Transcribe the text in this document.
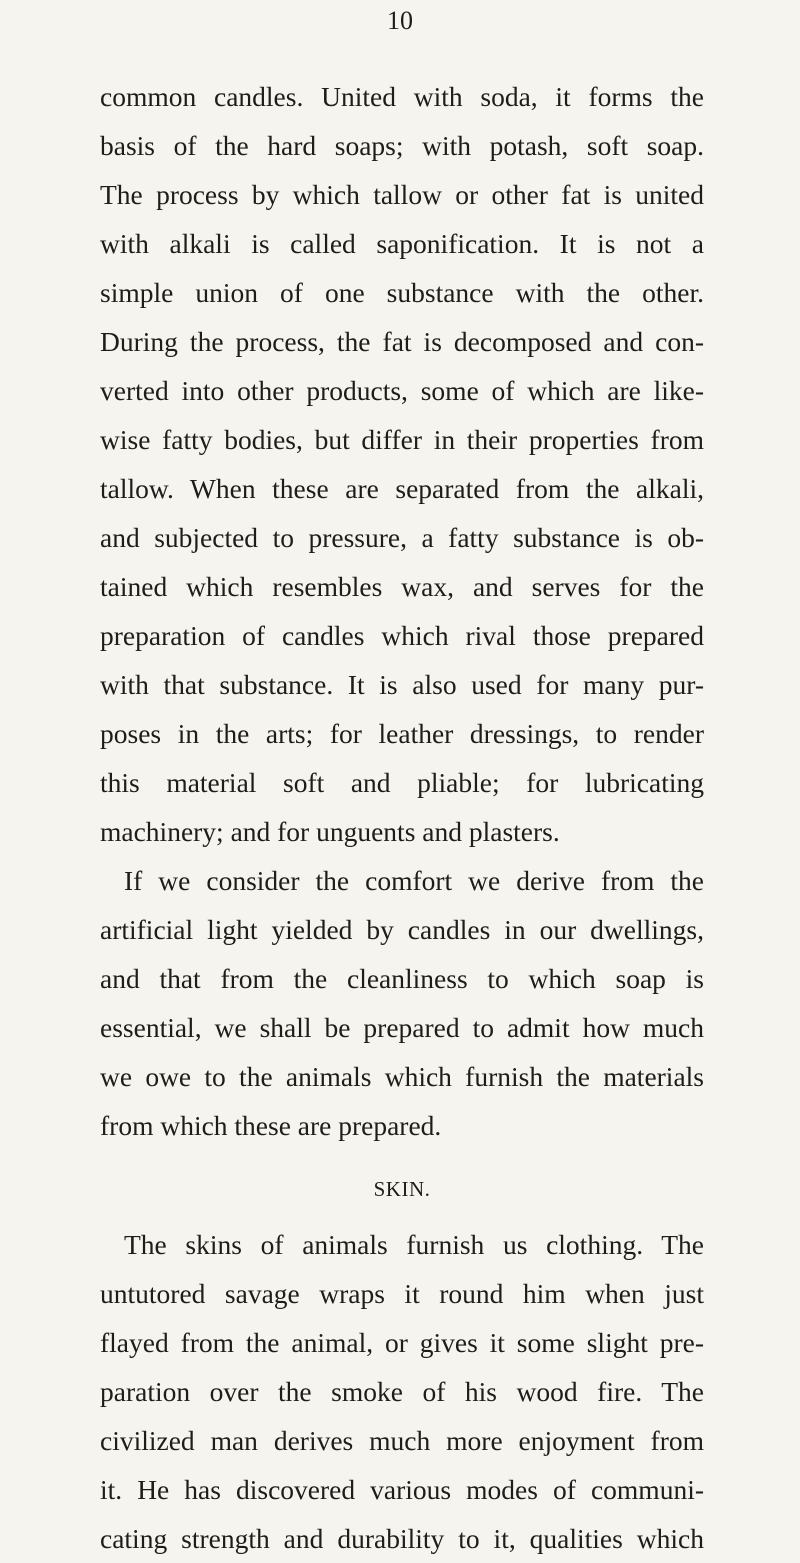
10
common candles. United with soda, it forms the
basis of the hard soaps; with potash, soft soap.
The process by which tallow or other fat is united
with alkali is called saponification. It is not a
simple union of one substance with the other.
During the process, the fat is decomposed and con-
verted into other products, some of which are like-
wise fatty bodies, but differ in their properties from
tallow. When these are separated from the alkali,
and subjected to pressure, a fatty substance is ob-
tained which resembles wax, and serves for the
preparation of candles which rival those prepared
with that substance. It is also used for many pur-
poses in the arts; for leather dressings, to render
this material soft and pliable; for lubricating
machinery; and for unguents and plasters.
If we consider the comfort we derive from the
artificial light yielded by candles in our dwellings,
and that from the cleanliness to which soap is
essential, we shall be prepared to admit how much
we owe to the animals which furnish the materials
from which these are prepared.
SKIN.
The skins of animals furnish us clothing. The
untutored savage wraps it round him when just
flayed from the animal, or gives it some slight pre-
paration over the smoke of his wood fire. The
civilized man derives much more enjoyment from
it. He has discovered various modes of communi-
cating strength and durability to it, qualities which
